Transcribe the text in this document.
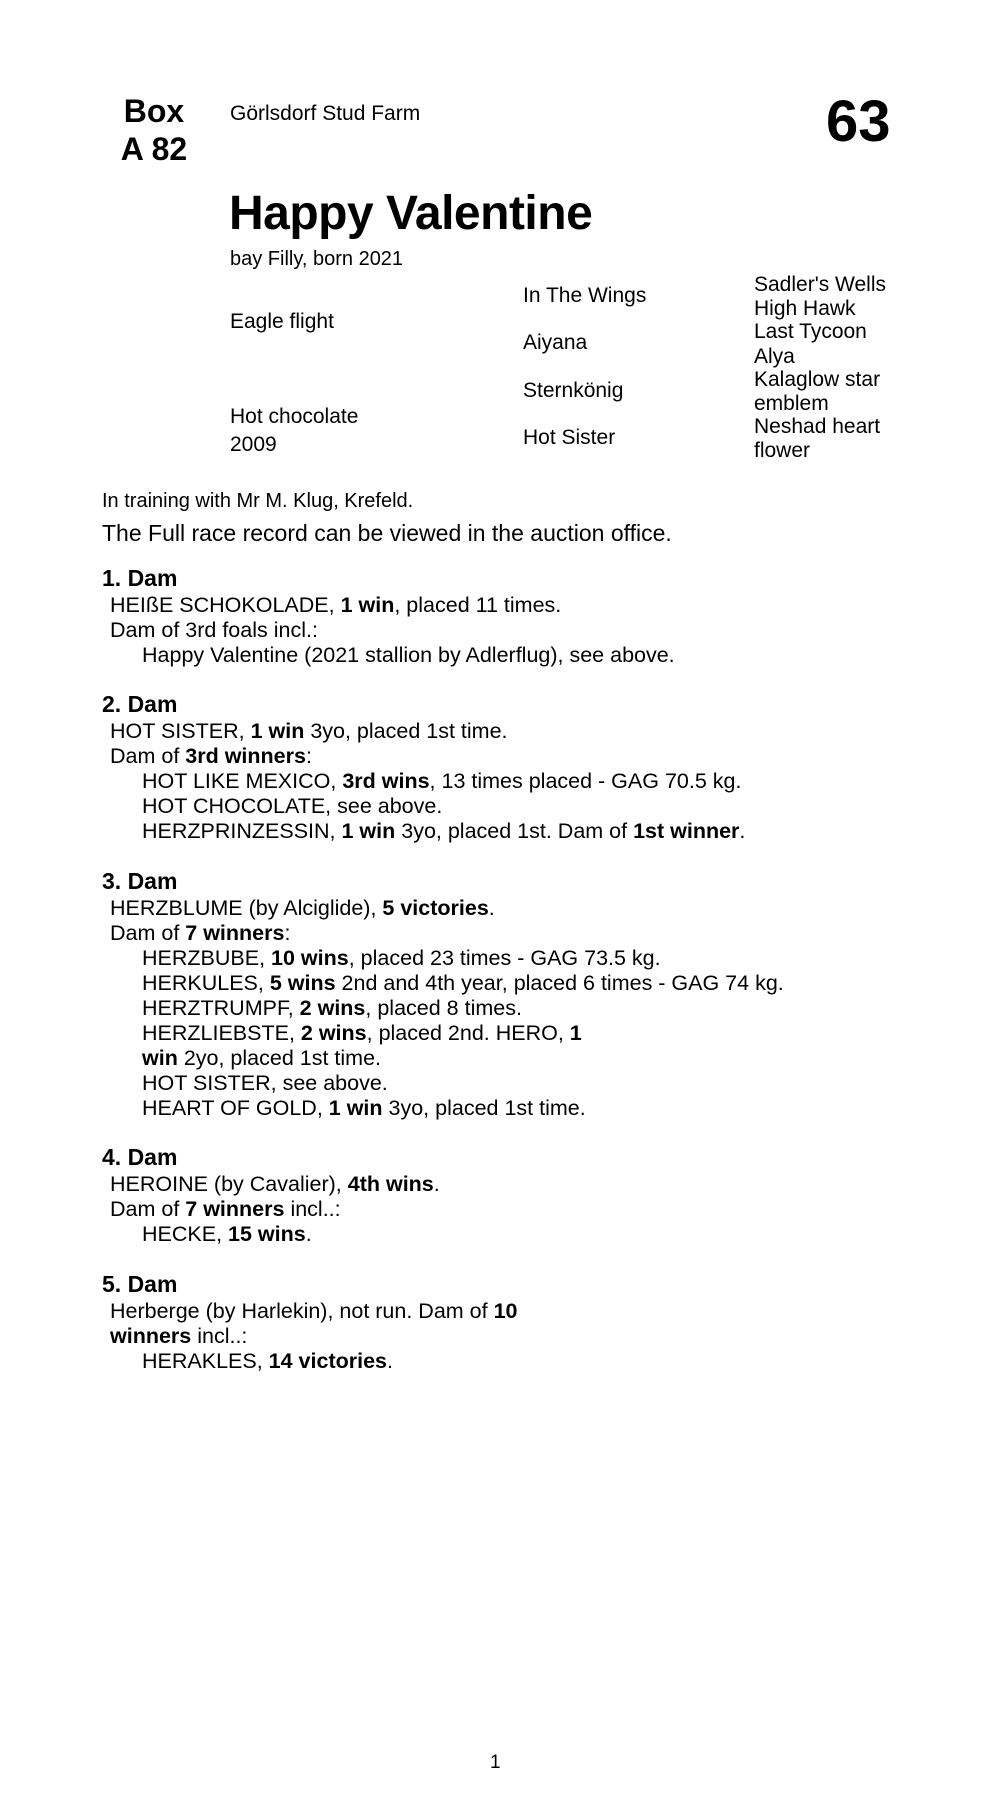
Box
A 82
Görlsdorf Stud Farm	63
Happy Valentine
bay Filly, born 2021
Eagle flight
Hot chocolate
2009
In The Wings
Aiyana
Sternkönig
Hot Sister
Sadler's Wells
High Hawk
Last Tycoon
Alya
Kalaglow star
emblem
Neshad heart
flower
In training with Mr M. Klug, Krefeld.
The Full race record can be viewed in the auction office.
1. Dam
HEIßE SCHOKOLADE, 1 win, placed 11 times.
Dam of 3rd foals incl.:
Happy Valentine (2021 stallion by Adlerflug), see above.
2. Dam
HOT SISTER, 1 win 3yo, placed 1st time.
Dam of 3rd winners:
HOT LIKE MEXICO, 3rd wins, 13 times placed - GAG 70.5 kg.
HOT CHOCOLATE, see above.
HERZPRINZESSIN, 1 win 3yo, placed 1st. Dam of 1st winner.
3. Dam
HERZBLUME (by Alciglide), 5 victories.
Dam of 7 winners:
HERZBUBE, 10 wins, placed 23 times - GAG 73.5 kg.
HERKULES, 5 wins 2nd and 4th year, placed 6 times - GAG 74 kg.
HERZTRUMPF, 2 wins, placed 8 times.
HERZLIEBSTE, 2 wins, placed 2nd. HERO, 1
win 2yo, placed 1st time.
HOT SISTER, see above.
HEART OF GOLD, 1 win 3yo, placed 1st time.
4. Dam
HEROINE (by Cavalier), 4th wins.
Dam of 7 winners incl..:
HECKE, 15 wins.
5. Dam
Herberge (by Harlekin), not run. Dam of 10
winners incl..:
HERAKLES, 14 victories.
1
